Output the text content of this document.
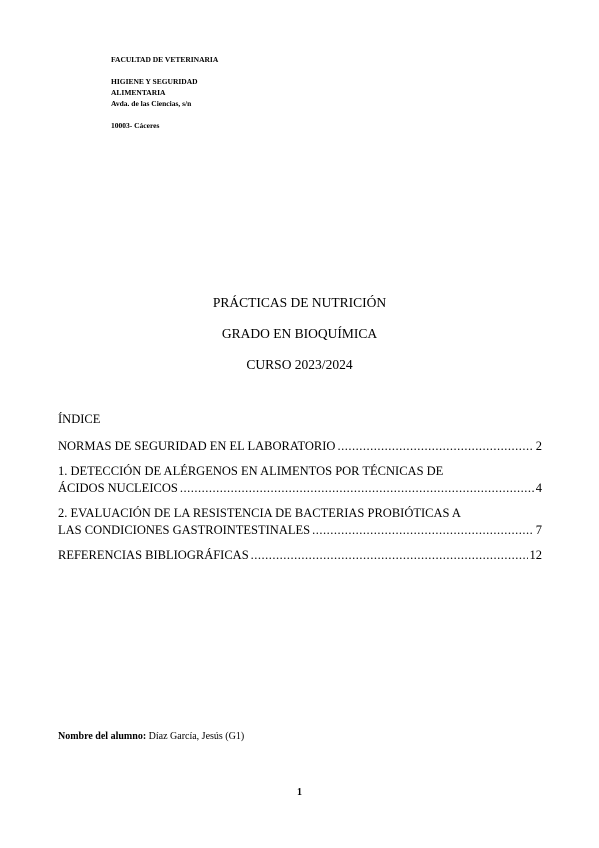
FACULTAD DE VETERINARIA
HIGIENE Y SEGURIDAD
ALIMENTARIA
Avda. de las Ciencias, s/n
10003- Cáceres
PRÁCTICAS DE NUTRICIÓN
GRADO EN BIOQUÍMICA
CURSO 2023/2024
ÍNDICE
NORMAS DE SEGURIDAD EN EL LABORATORIO .....	2
1. DETECCIÓN DE ALÉRGENOS EN ALIMENTOS POR TÉCNICAS DE
ÁCIDOS NUCLEICOS .....	4
2. EVALUACIÓN DE LA RESISTENCIA DE BACTERIAS PROBIÓTICAS A
LAS CONDICIONES GASTROINTESTINALES .....	7
REFERENCIAS BIBLIOGRÁFICAS .....	12
Nombre del alumno: Díaz García, Jesús (G1)
1
